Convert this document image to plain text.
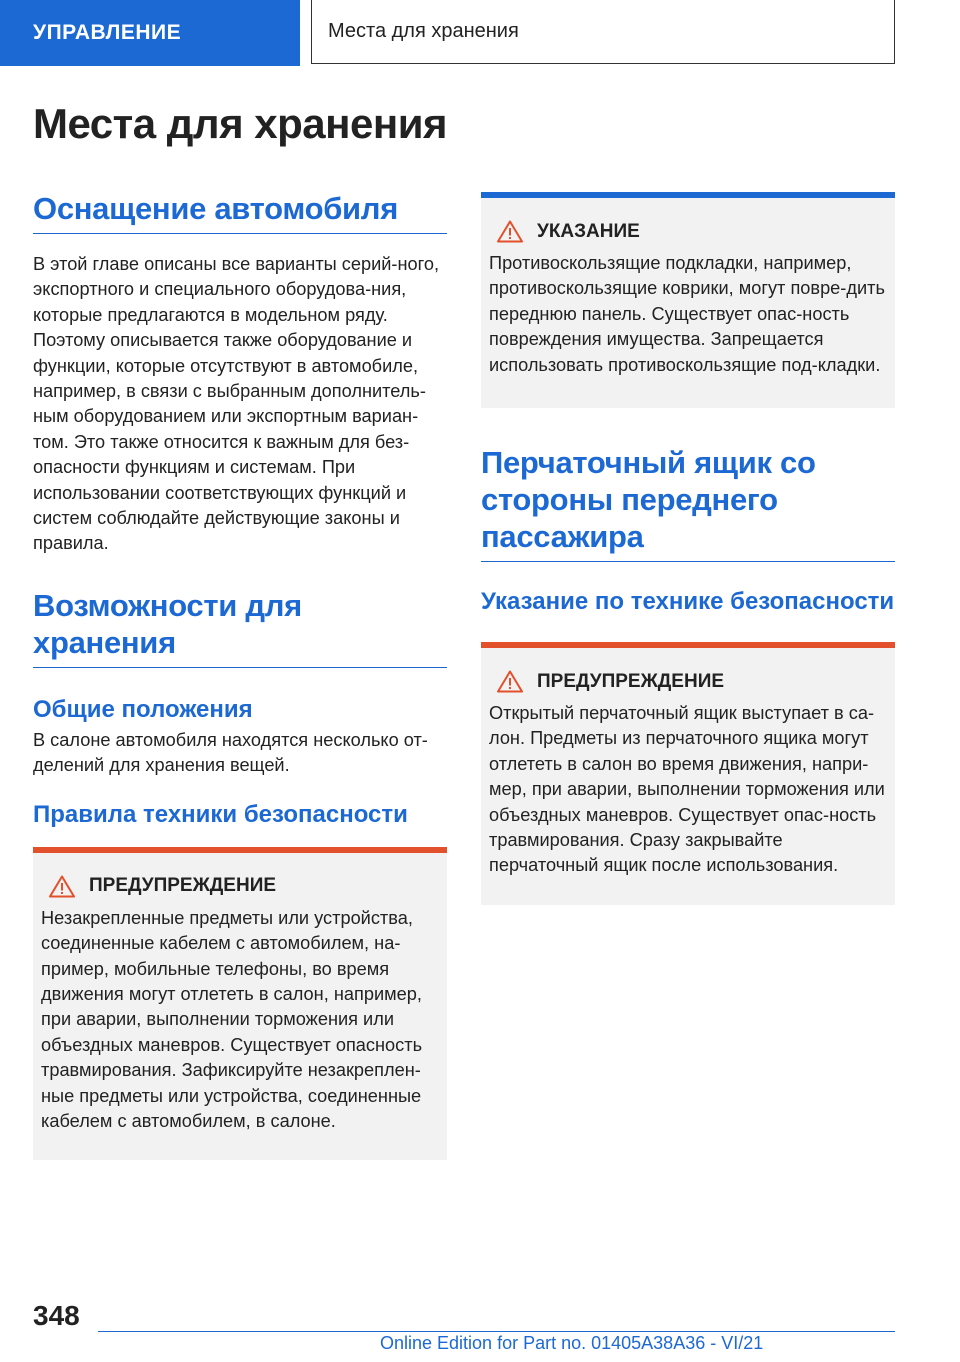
УПРАВЛЕНИЕ	Места для хранения
Места для хранения
Оснащение автомобиля

В этой главе описаны все варианты серий-ного, экспортного и специального оборудова-ния, которые предлагаются в модельном ряду. Поэтому описывается также оборудование и функции, которые отсутствуют в автомобиле, например, в связи с выбранным дополнитель-ным оборудованием или экспортным вариан-том. Это также относится к важным для без-опасности функциям и системам. При использовании соответствующих функций и систем соблюдайте действующие законы и правила.

Возможности для хранения
Общие положения

В салоне автомобиля находятся несколько от-делений для хранения вещей.

Правила техники безопасности
ПРЕДУПРЕЖДЕНИЕ

Незакрепленные предметы или устройства, соединенные кабелем с автомобилем, на-пример, мобильные телефоны, во время движения могут отлететь в салон, например, при аварии, выполнении торможения или объездных маневров. Существует опасность травмирования. Зафиксируйте незакреплен-ные предметы или устройства, соединенные кабелем с автомобилем, в салоне.

УКАЗАНИЕ

Противоскользящие подкладки, например, противоскользящие коврики, могут повре-дить переднюю панель. Существует опас-ность повреждения имущества. Запрещается использовать противоскользящие под-кладки.

Перчаточный ящик со стороны переднего пассажира
Указание по технике безопасности
ПРЕДУПРЕЖДЕНИЕ

Открытый перчаточный ящик выступает в са-лон. Предметы из перчаточного ящика могут отлететь в салон во время движения, напри-мер, при аварии, выполнении торможения или объездных маневров. Существует опас-ность травмирования. Сразу закрывайте перчаточный ящик после использования.

348
Online Edition for Part no. 01405A38A36 - VI/21
